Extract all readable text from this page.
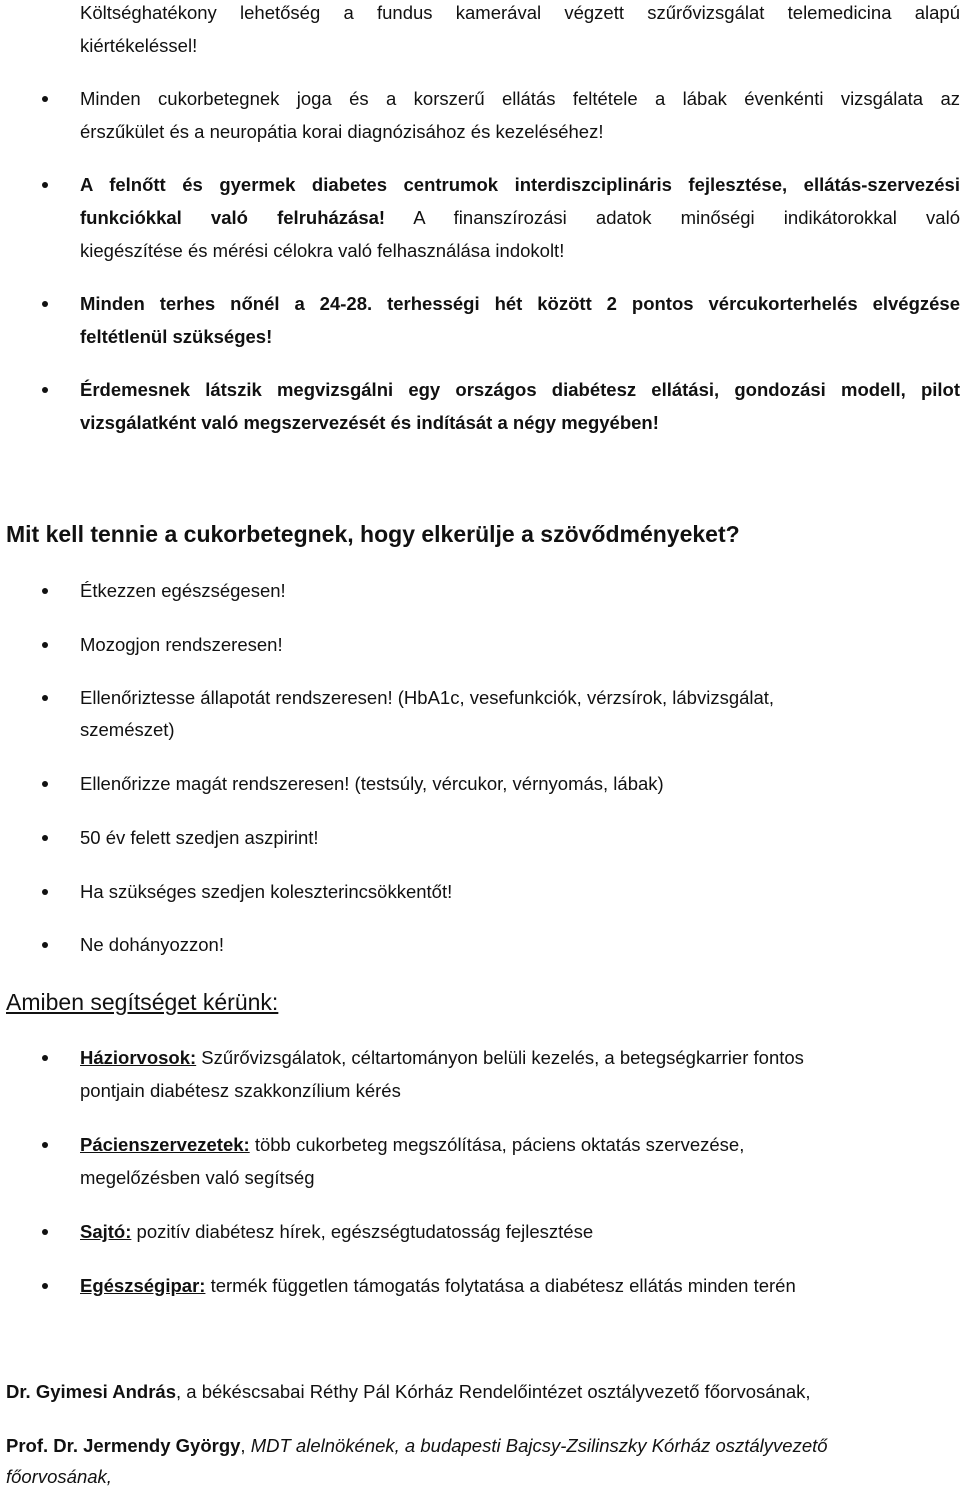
Költséghatékony lehetőség a fundus kamerával végzett szűrővizsgálat telemedicina alapú
kiértékeléssel!
Minden cukorbetegnek joga és a korszerű ellátás feltétele a lábak évenkénti vizsgálata az
érszűkület és a neuropátia korai diagnózisához és kezeléséhez!
A felnőtt és gyermek diabetes centrumok interdiszciplináris fejlesztése, ellátás-szervezési
funkciókkal való felruházása! A finanszírozási adatok minőségi indikátorokkal való
kiegészítése és mérési célokra való felhasználása indokolt!
Minden terhes nőnél a 24-28. terhességi hét között 2 pontos vércukorterhelés elvégzése
feltétlenül szükséges!
Érdemesnek látszik megvizsgálni egy országos diabétesz ellátási, gondozási modell, pilot
vizsgálatként való megszervezését és indítását a négy megyében!
Mit kell tennie a cukorbetegnek, hogy elkerülje a szövődményeket?
Étkezzen egészségesen!
Mozogjon rendszeresen!
Ellenőriztesse állapotát rendszeresen! (HbA1c, vesefunkciók, vérzsírok, lábvizsgálat,
szemészet)
Ellenőrizze magát rendszeresen! (testsúly, vércukor, vérnyomás, lábak)
50 év felett szedjen aszpirint!
Ha szükséges szedjen koleszterincsökkentőt!
Ne dohányozzon!
Amiben segítséget kérünk:
Háziorvosok: Szűrővizsgálatok, céltartományon belüli kezelés, a betegségkarrier fontos
pontjain diabétesz szakkonzílium kérés
Pácienszervezetek: több cukorbeteg megszólítása, páciens oktatás szervezése,
megelőzésben való segítség
Sajtó: pozitív diabétesz hírek, egészségtudatosság fejlesztése
Egészségipar: termék független támogatás folytatása a diabétesz ellátás minden terén
Dr. Gyimesi András, a békéscsabai Réthy Pál Kórház Rendelőintézet osztályvezető főorvosának,
Prof. Dr. Jermendy György, MDT alelnökének, a budapesti Bajcsy-Zsilinszky Kórház osztályvezető
főorvosának,
